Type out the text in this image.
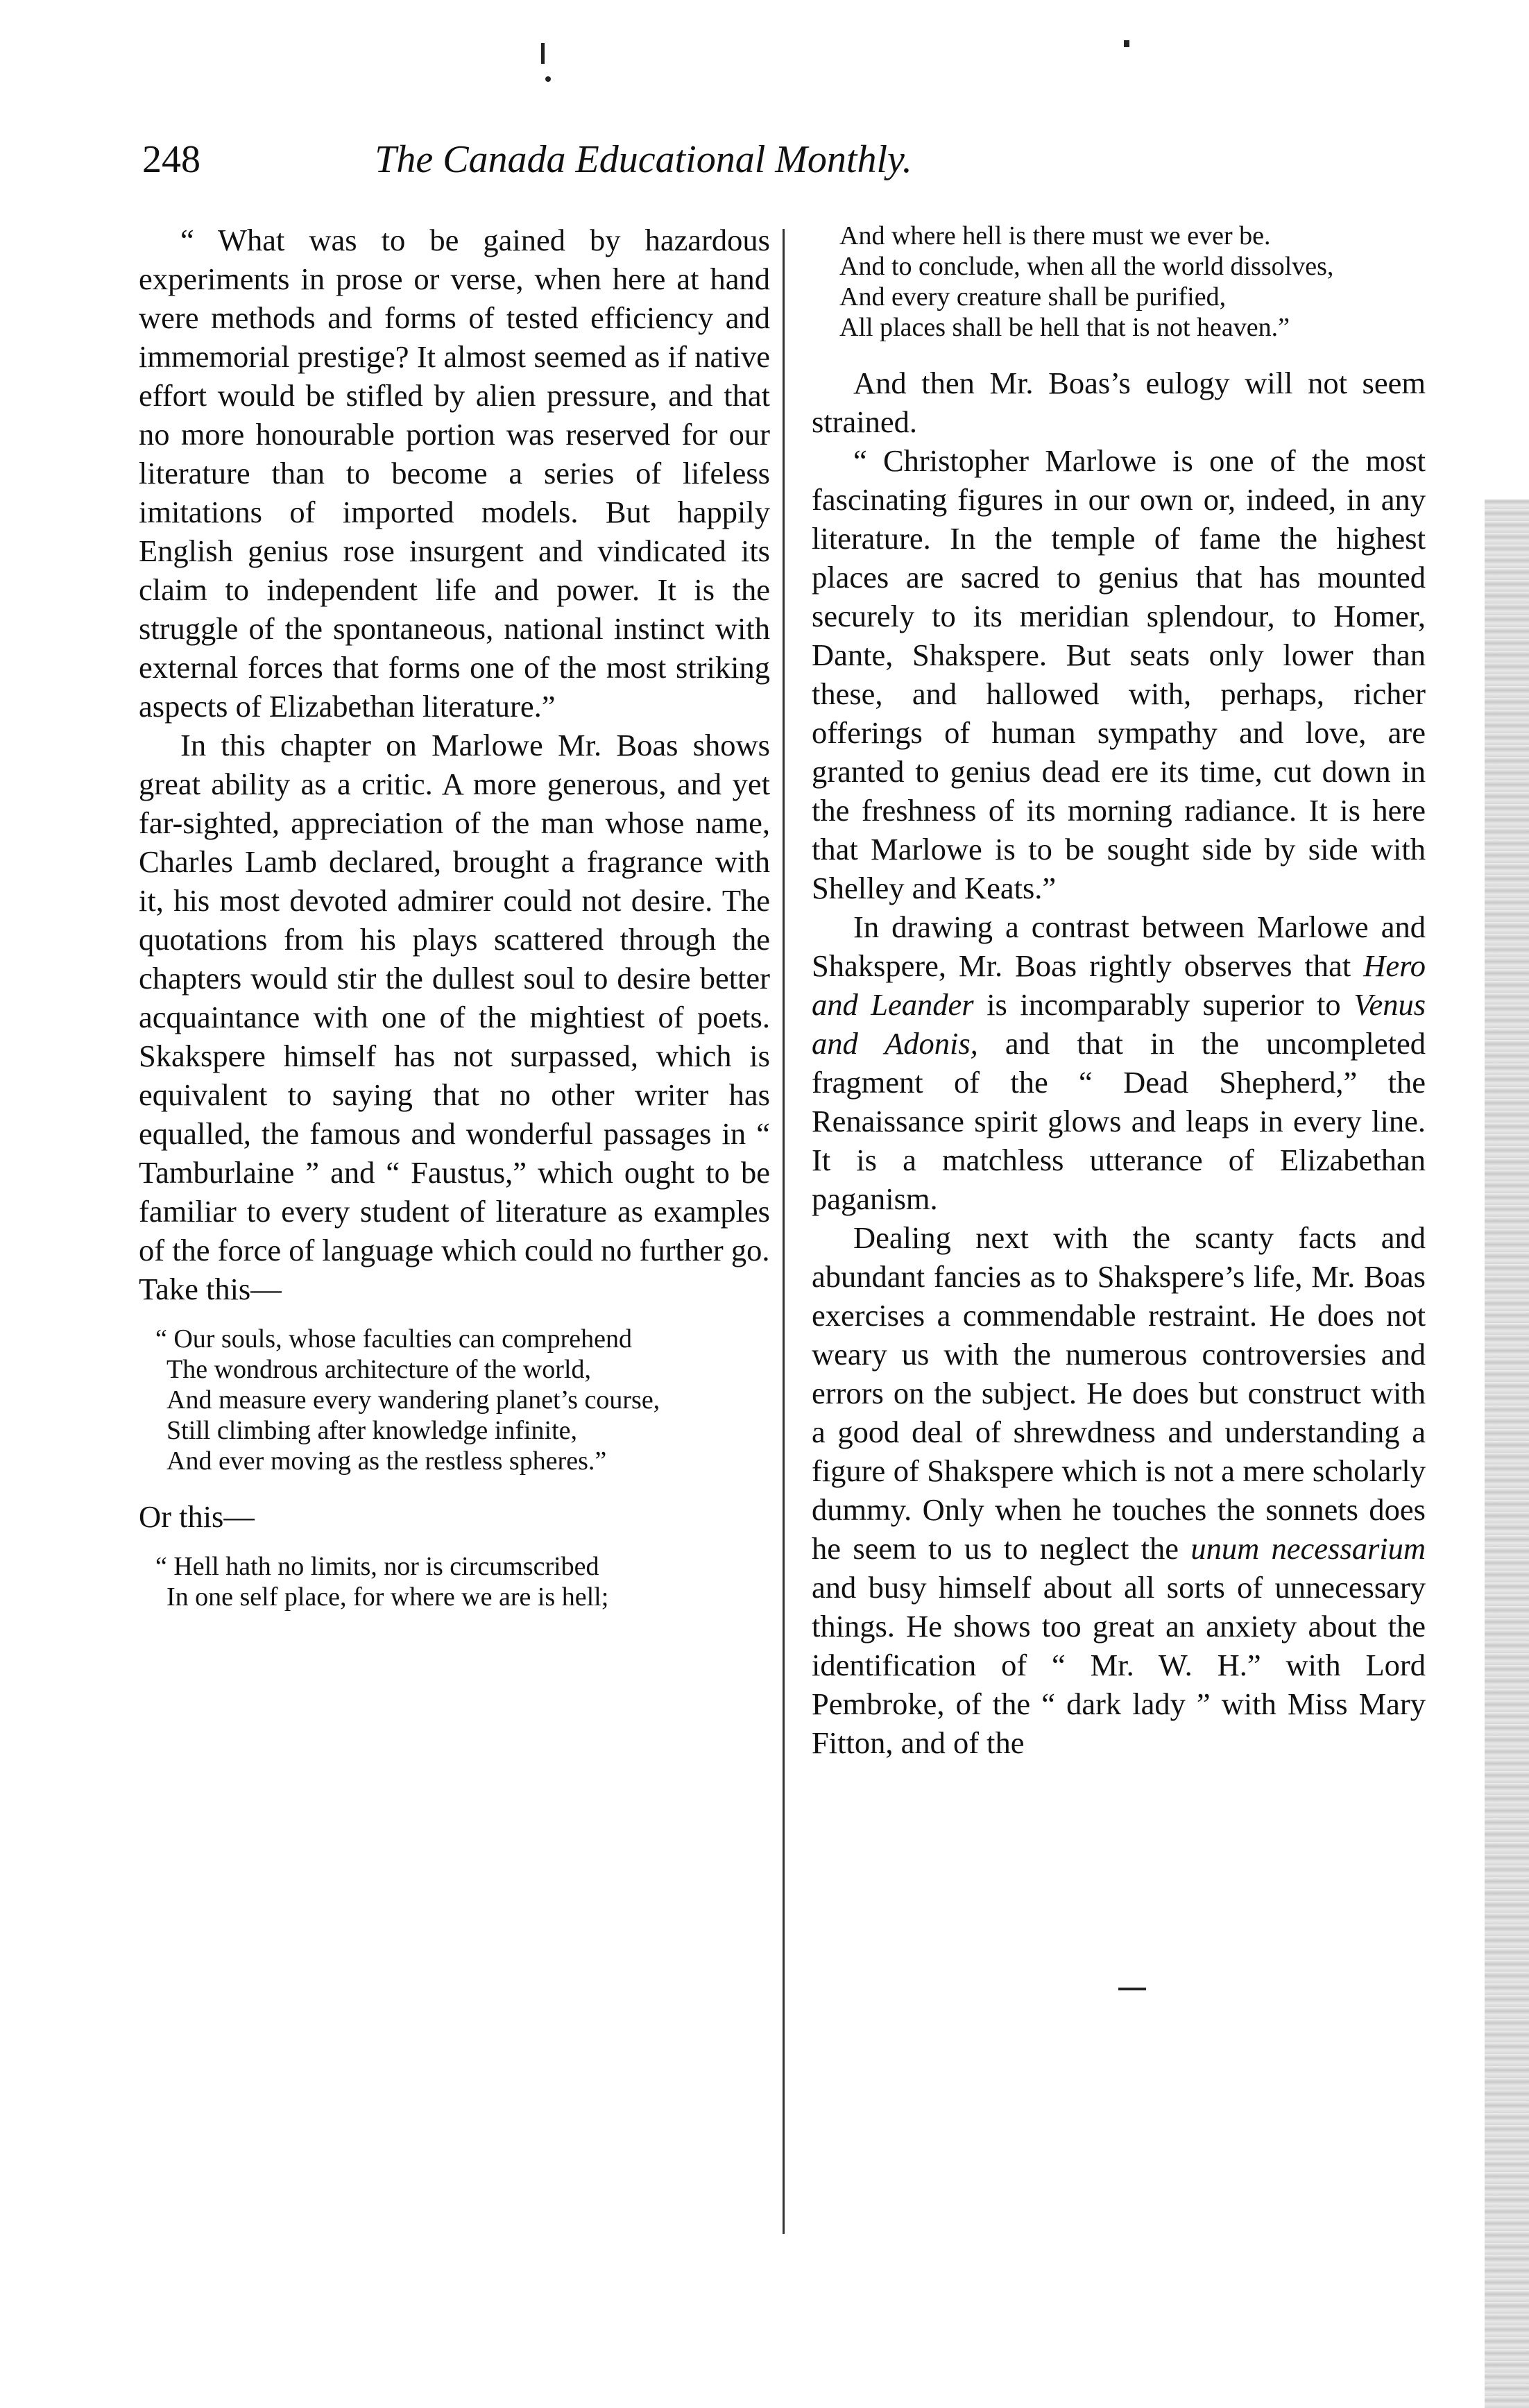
248	The Canada Educational Monthly.

“ What was to be gained by hazardous experiments in prose or verse, when here at hand were methods and forms of tested efficiency and immemorial prestige? It almost seemed as if native effort would be stifled by alien pressure, and that no more honourable portion was reserved for our literature than to become a series of lifeless imitations of imported models. But happily English genius rose insurgent and vindicated its claim to independent life and power. It is the struggle of the spontaneous, national instinct with external forces that forms one of the most striking aspects of Elizabethan literature.”

In this chapter on Marlowe Mr. Boas shows great ability as a critic. A more generous, and yet far-sighted, appreciation of the man whose name, Charles Lamb declared, brought a fragrance with it, his most devoted admirer could not desire. The quotations from his plays scattered through the chapters would stir the dullest soul to desire better acquaintance with one of the mightiest of poets. Skakspere himself has not surpassed, which is equivalent to saying that no other writer has equalled, the famous and wonderful passages in “ Tamburlaine ” and “ Faustus,” which ought to be familiar to every student of literature as examples of the force of language which could no further go.

Take this—

“ Our souls, whose faculties can comprehend
The wondrous architecture of the world,
And measure every wandering planet’s course,
Still climbing after knowledge infinite,
And ever moving as the restless spheres.”

Or this—

“ Hell hath no limits, nor is circumscribed
In one self place, for where we are is hell;
And where hell is there must we ever be.
And to conclude, when all the world dissolves,
And every creature shall be purified,
All places shall be hell that is not heaven.”

And then Mr. Boas’s eulogy will not seem strained.

“ Christopher Marlowe is one of the most fascinating figures in our own or, indeed, in any literature. In the temple of fame the highest places are sacred to genius that has mounted securely to its meridian splendour, to Homer, Dante, Shakspere. But seats only lower than these, and hallowed with, perhaps, richer offerings of human sympathy and love, are granted to genius dead ere its time, cut down in the freshness of its morning radiance. It is here that Marlowe is to be sought side by side with Shelley and Keats.”

In drawing a contrast between Marlowe and Shakspere, Mr. Boas rightly observes that Hero and Leander is incomparably superior to Venus and Adonis, and that in the uncompleted fragment of the “ Dead Shepherd,” the Renaissance spirit glows and leaps in every line. It is a matchless utterance of Elizabethan paganism.

Dealing next with the scanty facts and abundant fancies as to Shakspere’s life, Mr. Boas exercises a commendable restraint. He does not weary us with the numerous controversies and errors on the subject. He does but construct with a good deal of shrewdness and understanding a figure of Shakspere which is not a mere scholarly dummy. Only when he touches the sonnets does he seem to us to neglect the unum necessarium and busy himself about all sorts of unnecessary things. He shows too great an anxiety about the identification of “ Mr. W. H.” with Lord Pembroke, of the “ dark lady ” with Miss Mary Fitton, and of the
